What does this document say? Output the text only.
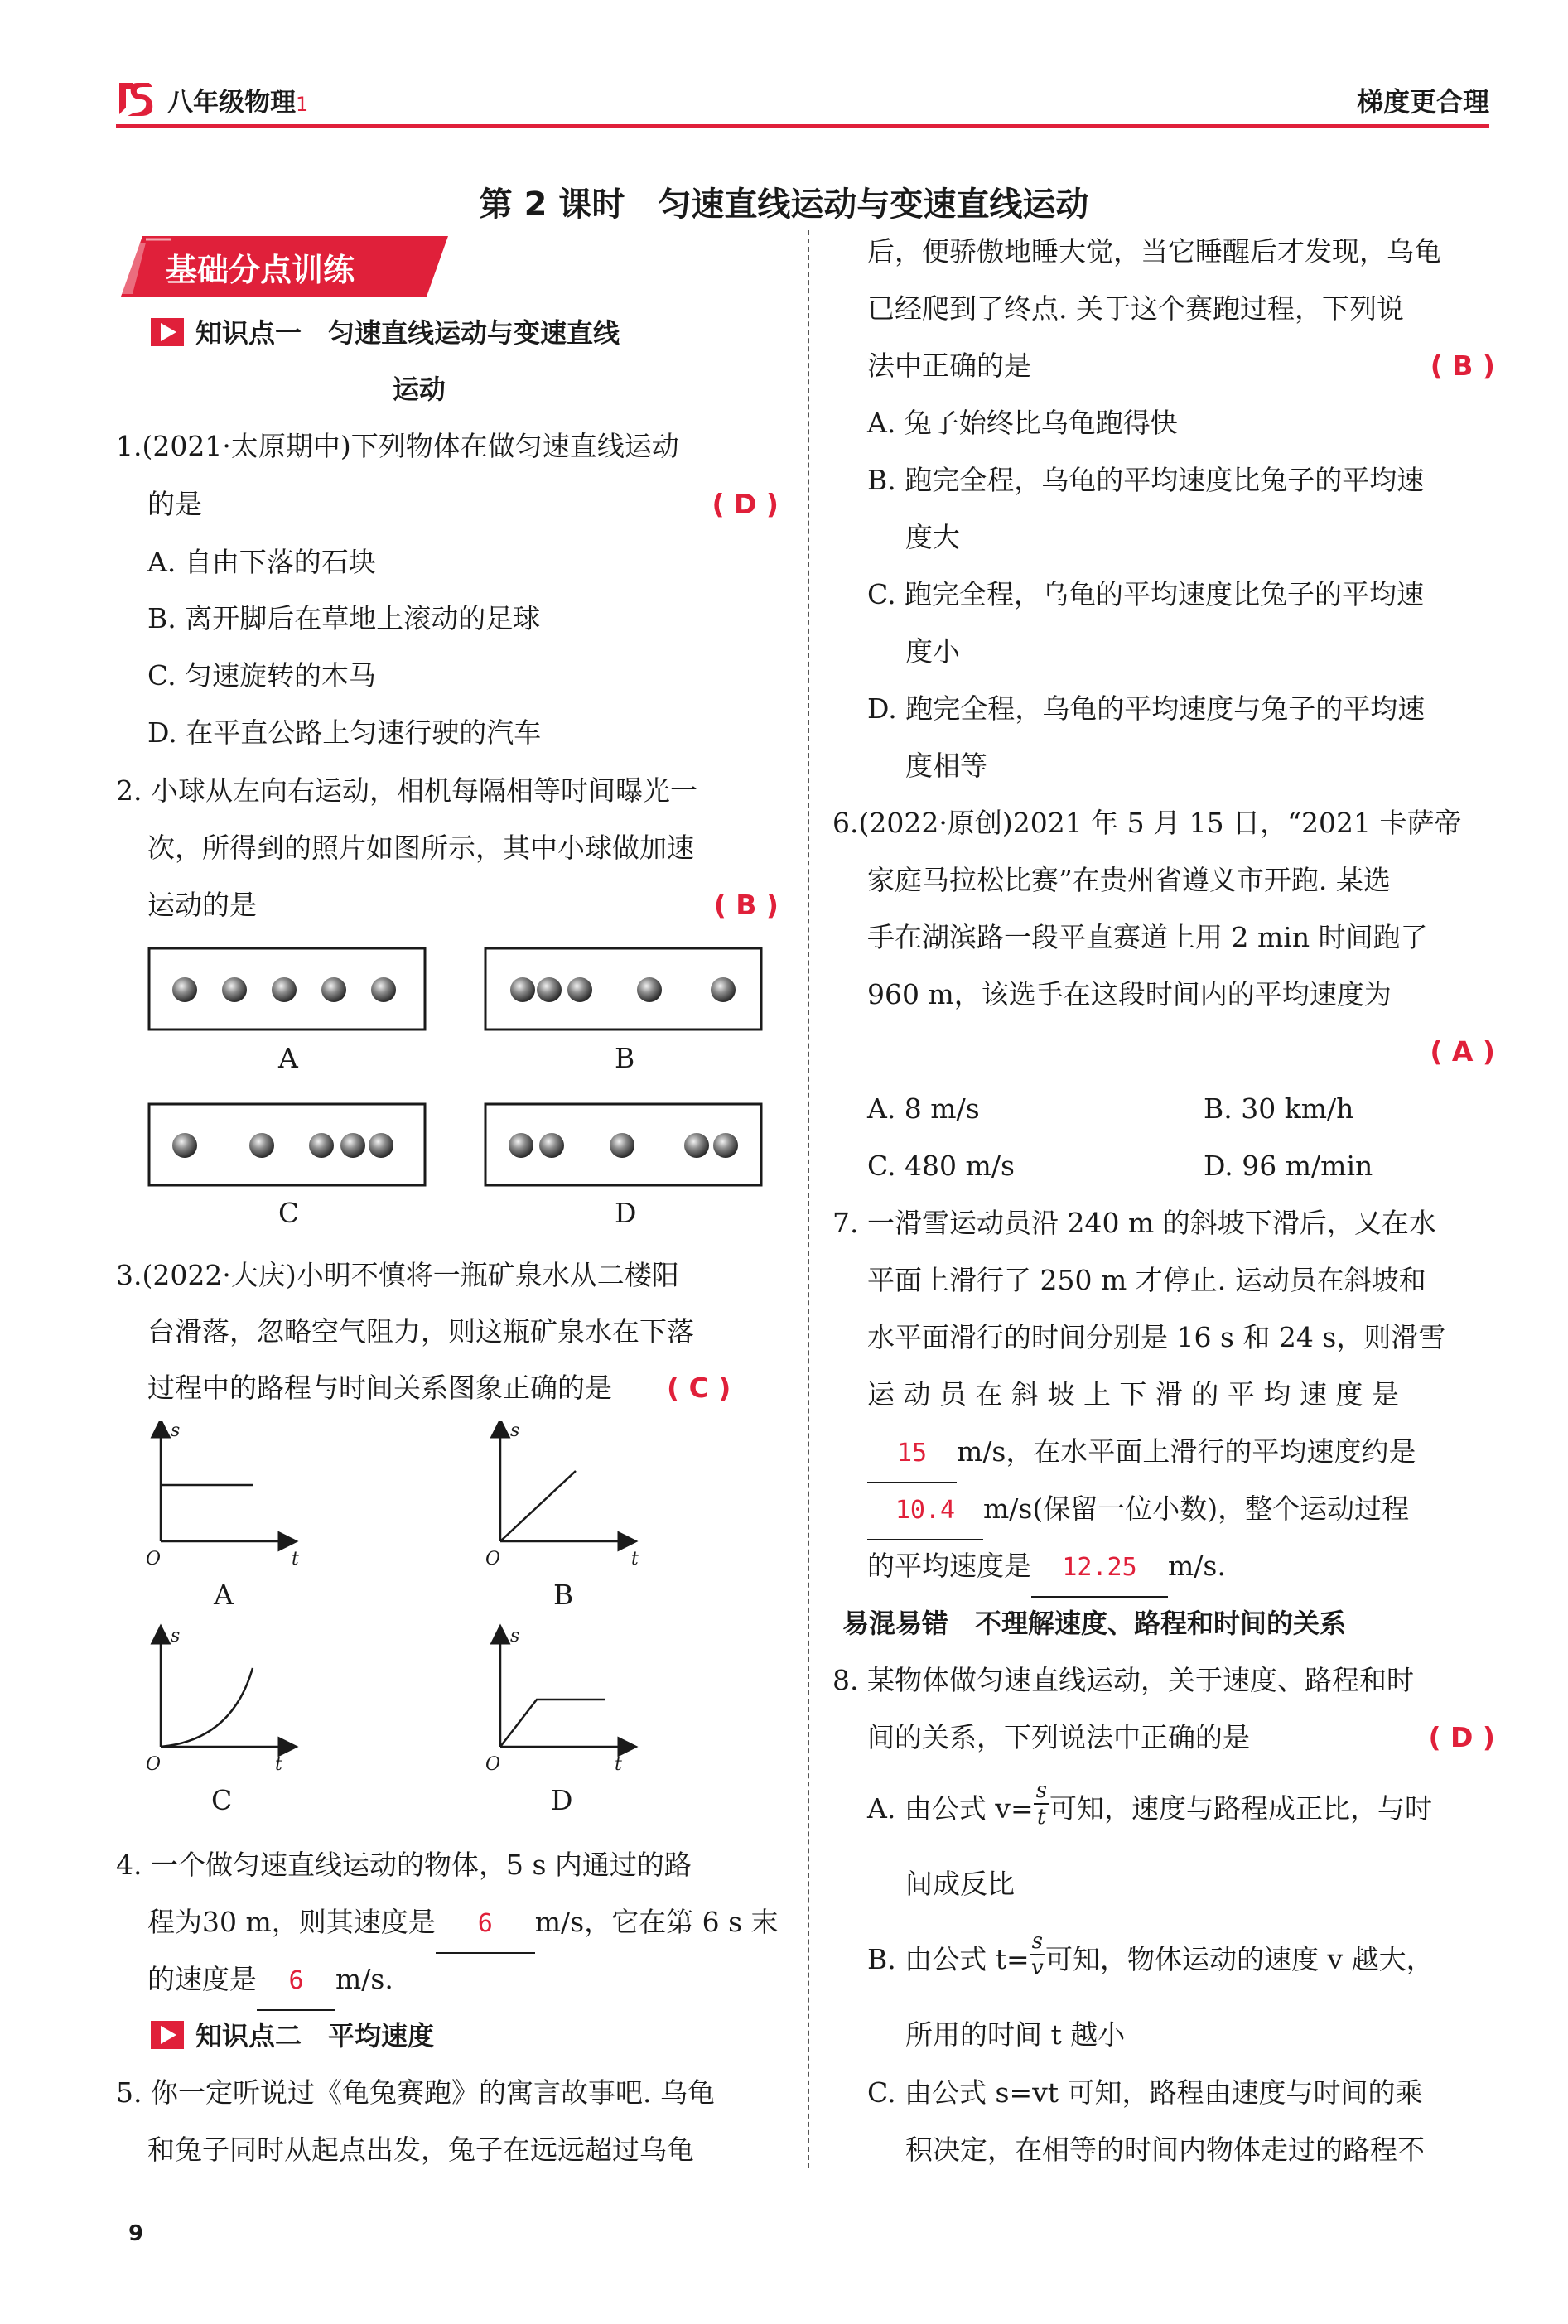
八年级物理1	梯度更合理
第 2 课时　匀速直线运动与变速直线运动
基础分点训练
知识点一　匀速直线运动与变速直线
运动
1.(2021·太原期中)下列物体在做匀速直线运动
的是	( D )
A. 自由下落的石块
B. 离开脚后在草地上滚动的足球
C. 匀速旋转的木马
D. 在平直公路上匀速行驶的汽车
2. 小球从左向右运动，相机每隔相等时间曝光一
次，所得到的照片如图所示，其中小球做加速
运动的是	( B )
A	B
C	D
3.(2022·大庆)小明不慎将一瓶矿泉水从二楼阳
台滑落，忽略空气阻力，则这瓶矿泉水在下落
过程中的路程与时间关系图象正确的是 ( C )
s
t
O
s
t
O
s
t
O
s
t
O
A	B
C	D
4. 一个做匀速直线运动的物体，5 s 内通过的路
程为30 m，则其速度是 6 m/s，它在第 6 s 末
的速度是 6 m/s.
知识点二　平均速度
5. 你一定听说过《龟兔赛跑》的寓言故事吧. 乌龟
和兔子同时从起点出发，兔子在远远超过乌龟
后，便骄傲地睡大觉，当它睡醒后才发现，乌龟
已经爬到了终点. 关于这个赛跑过程，下列说
法中正确的是	( B )
A. 兔子始终比乌龟跑得快
B. 跑完全程，乌龟的平均速度比兔子的平均速
度大
C. 跑完全程，乌龟的平均速度比兔子的平均速
度小
D. 跑完全程，乌龟的平均速度与兔子的平均速
度相等
6.(2022·原创)2021 年 5 月 15 日，“2021 卡萨帝
家庭马拉松比赛”在贵州省遵义市开跑. 某选
手在湖滨路一段平直赛道上用 2 min 时间跑了
960 m，该选手在这段时间内的平均速度为
( A )
A. 8 m/s	B. 30 km/h
C. 480 m/s	D. 96 m/min
7. 一滑雪运动员沿 240 m 的斜坡下滑后，又在水
平面上滑行了 250 m 才停止. 运动员在斜坡和
水平面滑行的时间分别是 16 s 和 24 s，则滑雪
运 动 员 在 斜 坡 上 下 滑 的 平 均 速 度 是
15 m/s，在水平面上滑行的平均速度约是
10.4 m/s(保留一位小数)，整个运动过程
的平均速度是 12.25 m/s.
易混易错　不理解速度、路程和时间的关系
8. 某物体做匀速直线运动，关于速度、路程和时
间的关系，下列说法中正确的是	( D )
A. 由公式 $v= \frac{s}{t}$ 可知，速度与路程成正比，与时
间成反比
B. 由公式 $t= \frac{s}{v}$ 可知，物体运动的速度 v 越大，
所用的时间 t 越小
C. 由公式 s=vt 可知，路程由速度与时间的乘
积决定，在相等的时间内物体走过的路程不
9
